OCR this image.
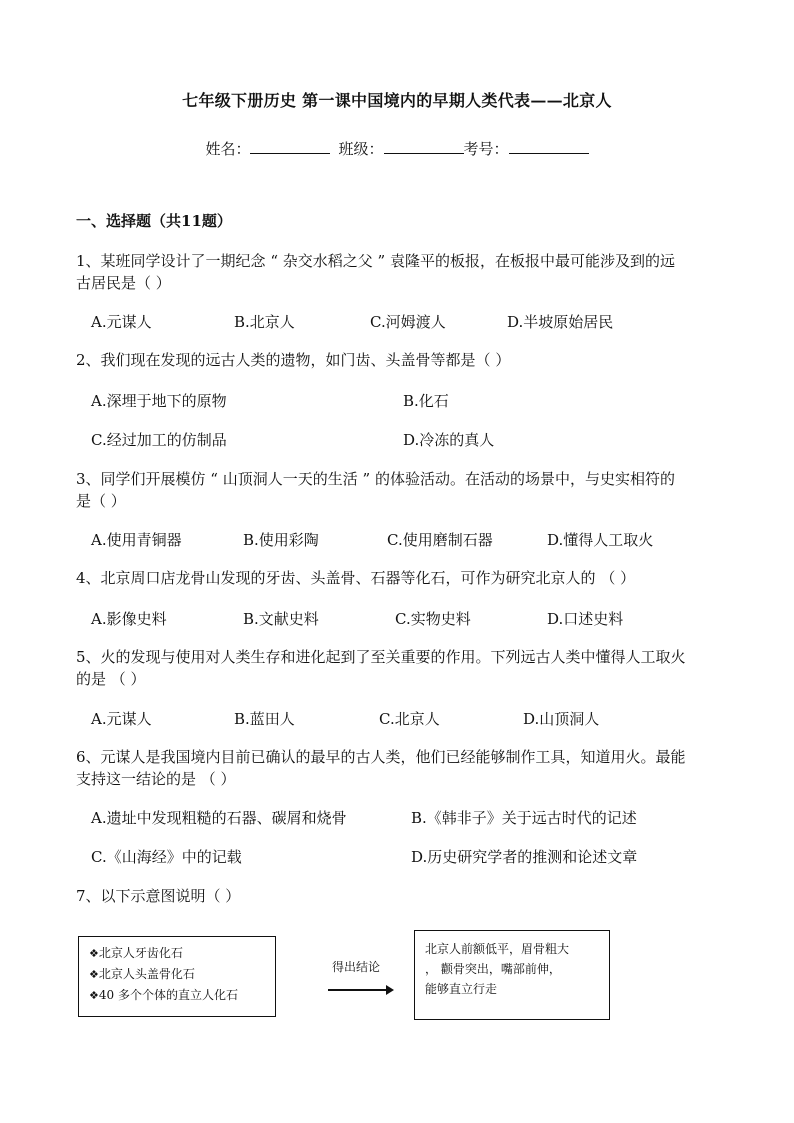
七年级下册历史 第一课中国境内的早期人类代表——北京人
姓名：	班级：	考号：
一、选择题（共11题）
1、某班同学设计了一期纪念 “ 杂交水稻之父 ” 袁隆平的板报，在板报中最可能涉及到的远
古居民是（ ）
A.元谋人	B.北京人	C.河姆渡人	D.半坡原始居民
2、我们现在发现的远古人类的遗物，如门齿、头盖骨等都是（ ）
A.深埋于地下的原物	B.化石
C.经过加工的仿制品	D.冷冻的真人
3、同学们开展模仿 “ 山顶洞人一天的生活 ” 的体验活动。在活动的场景中，与史实相符的
是（ ）
A.使用青铜器	B.使用彩陶	C.使用磨制石器	D.懂得人工取火
4、北京周口店龙骨山发现的牙齿、头盖骨、石器等化石，可作为研究北京人的 （ ）
A.影像史料	B.文献史料	C.实物史料	D.口述史料
5、火的发现与使用对人类生存和进化起到了至关重要的作用。下列远古人类中懂得人工取火
的是 （ ）
A.元谋人	B.蓝田人	C.北京人	D.山顶洞人
6、元谋人是我国境内目前已确认的最早的古人类，他们已经能够制作工具，知道用火。最能
支持这一结论的是 （ ）
A.遗址中发现粗糙的石器、碳屑和烧骨	B.《韩非子》关于远古时代的记述
C.《山海经》中的记载	D.历史研究学者的推测和论述文章
7、以下示意图说明（ ）
❖北京人牙齿化石
❖北京人头盖骨化石
❖40 多个个体的直立人化石
得出结论
北京人前额低平，眉骨粗大
， 颧骨突出，嘴部前伸，
能够直立行走
